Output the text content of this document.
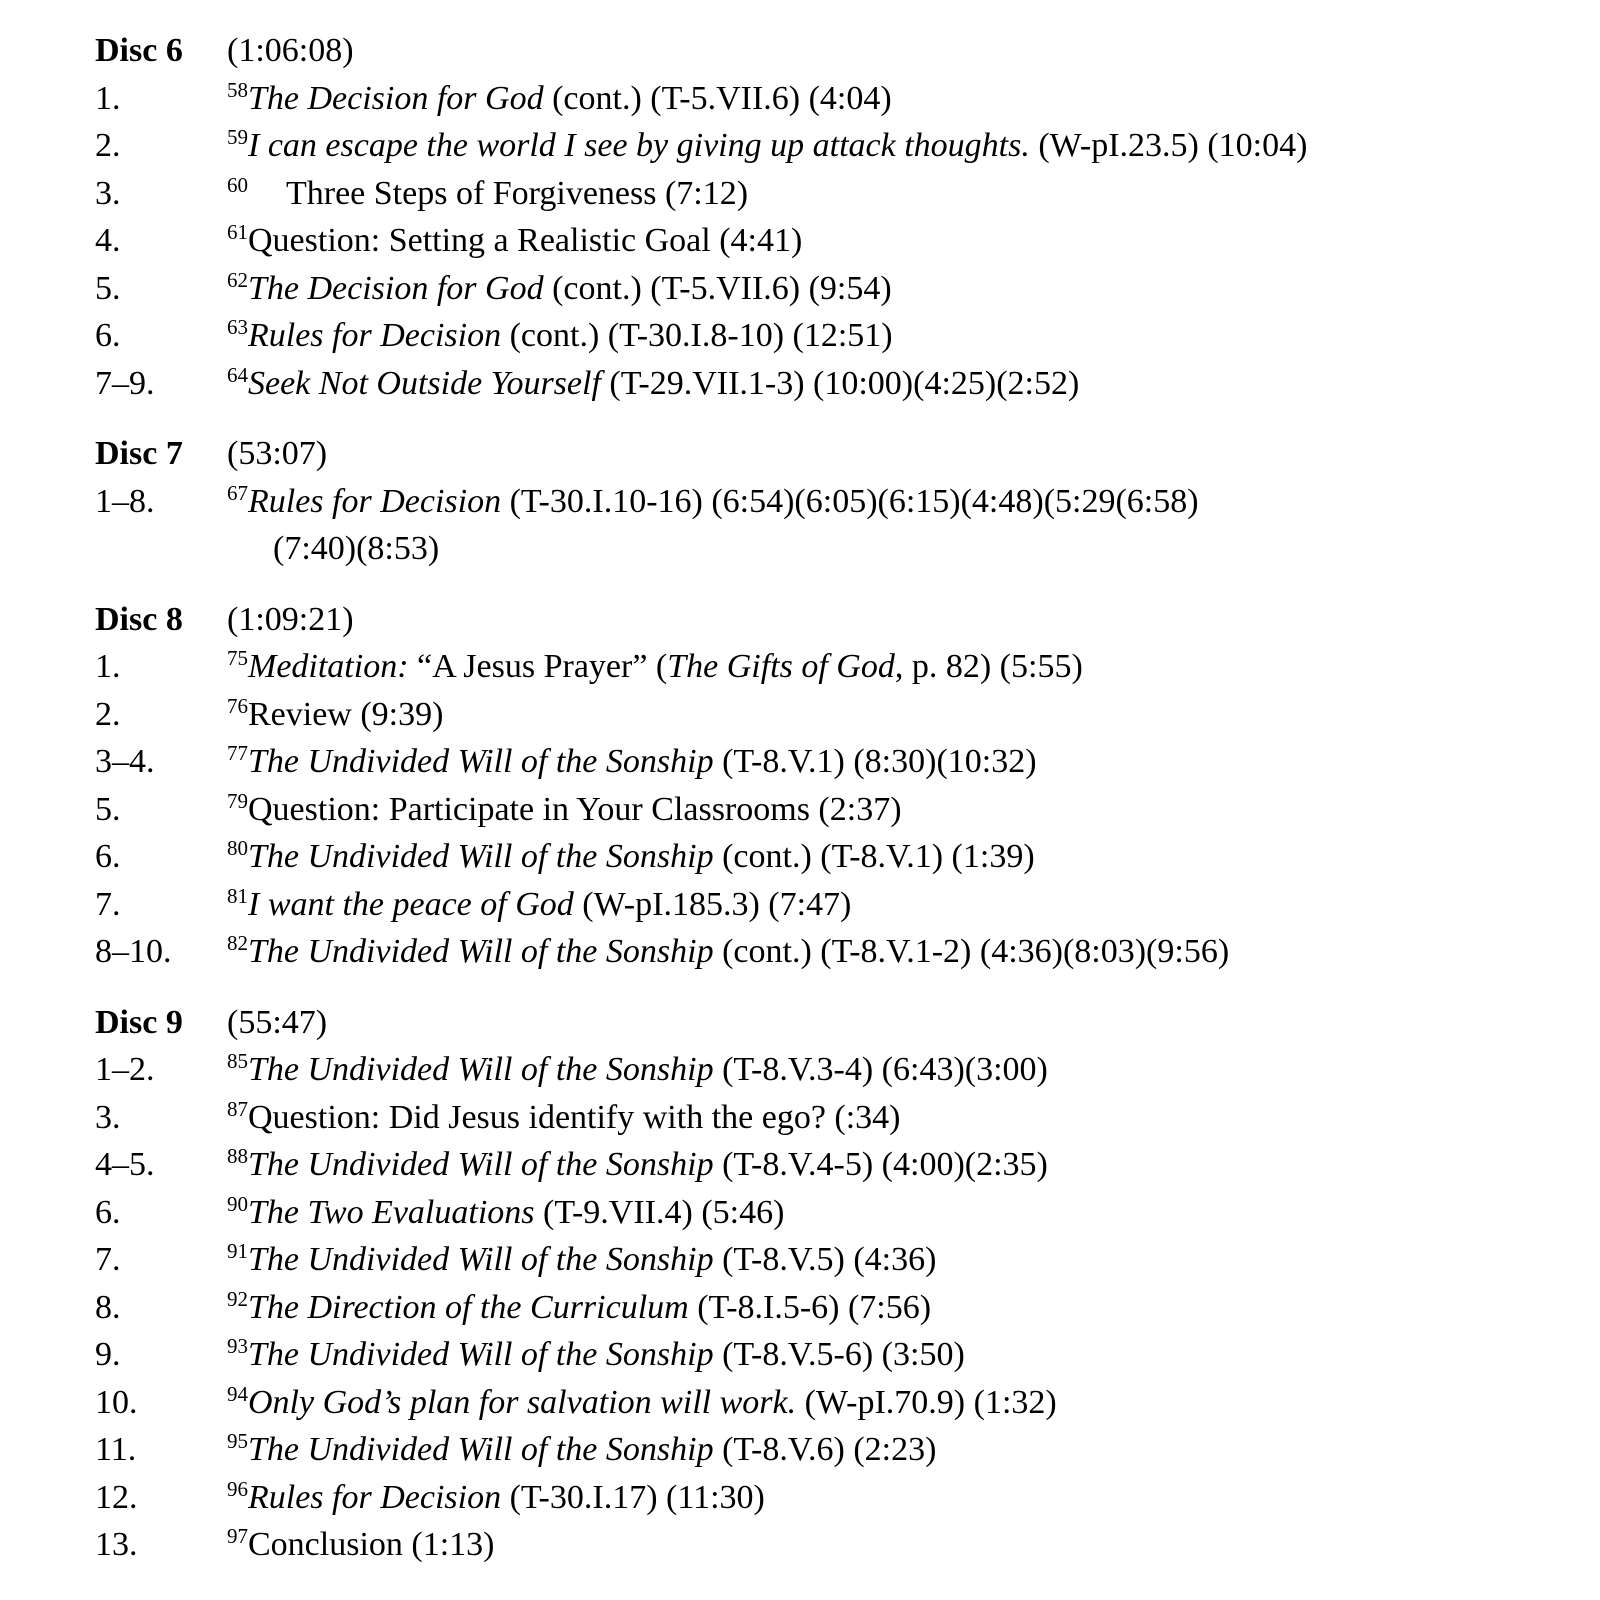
Disc 6	(1:06:08)
1.	$^{58}$The Decision for God (cont.) (T-5.VII.6) (4:04)
2.	$^{59}$I can escape the world I see by giving up attack thoughts. (W-pI.23.5) (10:04)
3.	$^{60}$ Three Steps of Forgiveness (7:12)
4.	$^{61}$Question: Setting a Realistic Goal (4:41)
5.	$^{62}$The Decision for God (cont.) (T-5.VII.6) (9:54)
6.	$^{63}$Rules for Decision (cont.) (T-30.I.8-10) (12:51)
7–9.	$^{64}$Seek Not Outside Yourself (T-29.VII.1-3) (10:00)(4:25)(2:52)
Disc 7	(53:07)
1–8.	$^{67}$Rules for Decision (T-30.I.10-16) (6:54)(6:05)(6:15)(4:48)(5:29(6:58)
(7:40)(8:53)
Disc 8	(1:09:21)
1.	$^{75}$Meditation: “A Jesus Prayer” (The Gifts of God, p. 82) (5:55)
2.	$^{76}$Review (9:39)
3–4.	$^{77}$The Undivided Will of the Sonship (T-8.V.1) (8:30)(10:32)
5.	$^{79}$Question: Participate in Your Classrooms (2:37)
6.	$^{80}$The Undivided Will of the Sonship (cont.) (T-8.V.1) (1:39)
7.	$^{81}$I want the peace of God (W-pI.185.3) (7:47)
8–10.	$^{82}$The Undivided Will of the Sonship (cont.) (T-8.V.1-2) (4:36)(8:03)(9:56)
Disc 9	(55:47)
1–2.	$^{85}$The Undivided Will of the Sonship (T-8.V.3-4) (6:43)(3:00)
3.	$^{87}$Question: Did Jesus identify with the ego? (:34)
4–5.	$^{88}$The Undivided Will of the Sonship (T-8.V.4-5) (4:00)(2:35)
6.	$^{90}$The Two Evaluations (T-9.VII.4) (5:46)
7.	$^{91}$The Undivided Will of the Sonship (T-8.V.5) (4:36)
8.	$^{92}$The Direction of the Curriculum (T-8.I.5-6) (7:56)
9.	$^{93}$The Undivided Will of the Sonship (T-8.V.5-6) (3:50)
10.	$^{94}$Only God’s plan for salvation will work. (W-pI.70.9) (1:32)
11.	$^{95}$The Undivided Will of the Sonship (T-8.V.6) (2:23)
12.	$^{96}$Rules for Decision (T-30.I.17) (11:30)
13.	$^{97}$Conclusion (1:13)
